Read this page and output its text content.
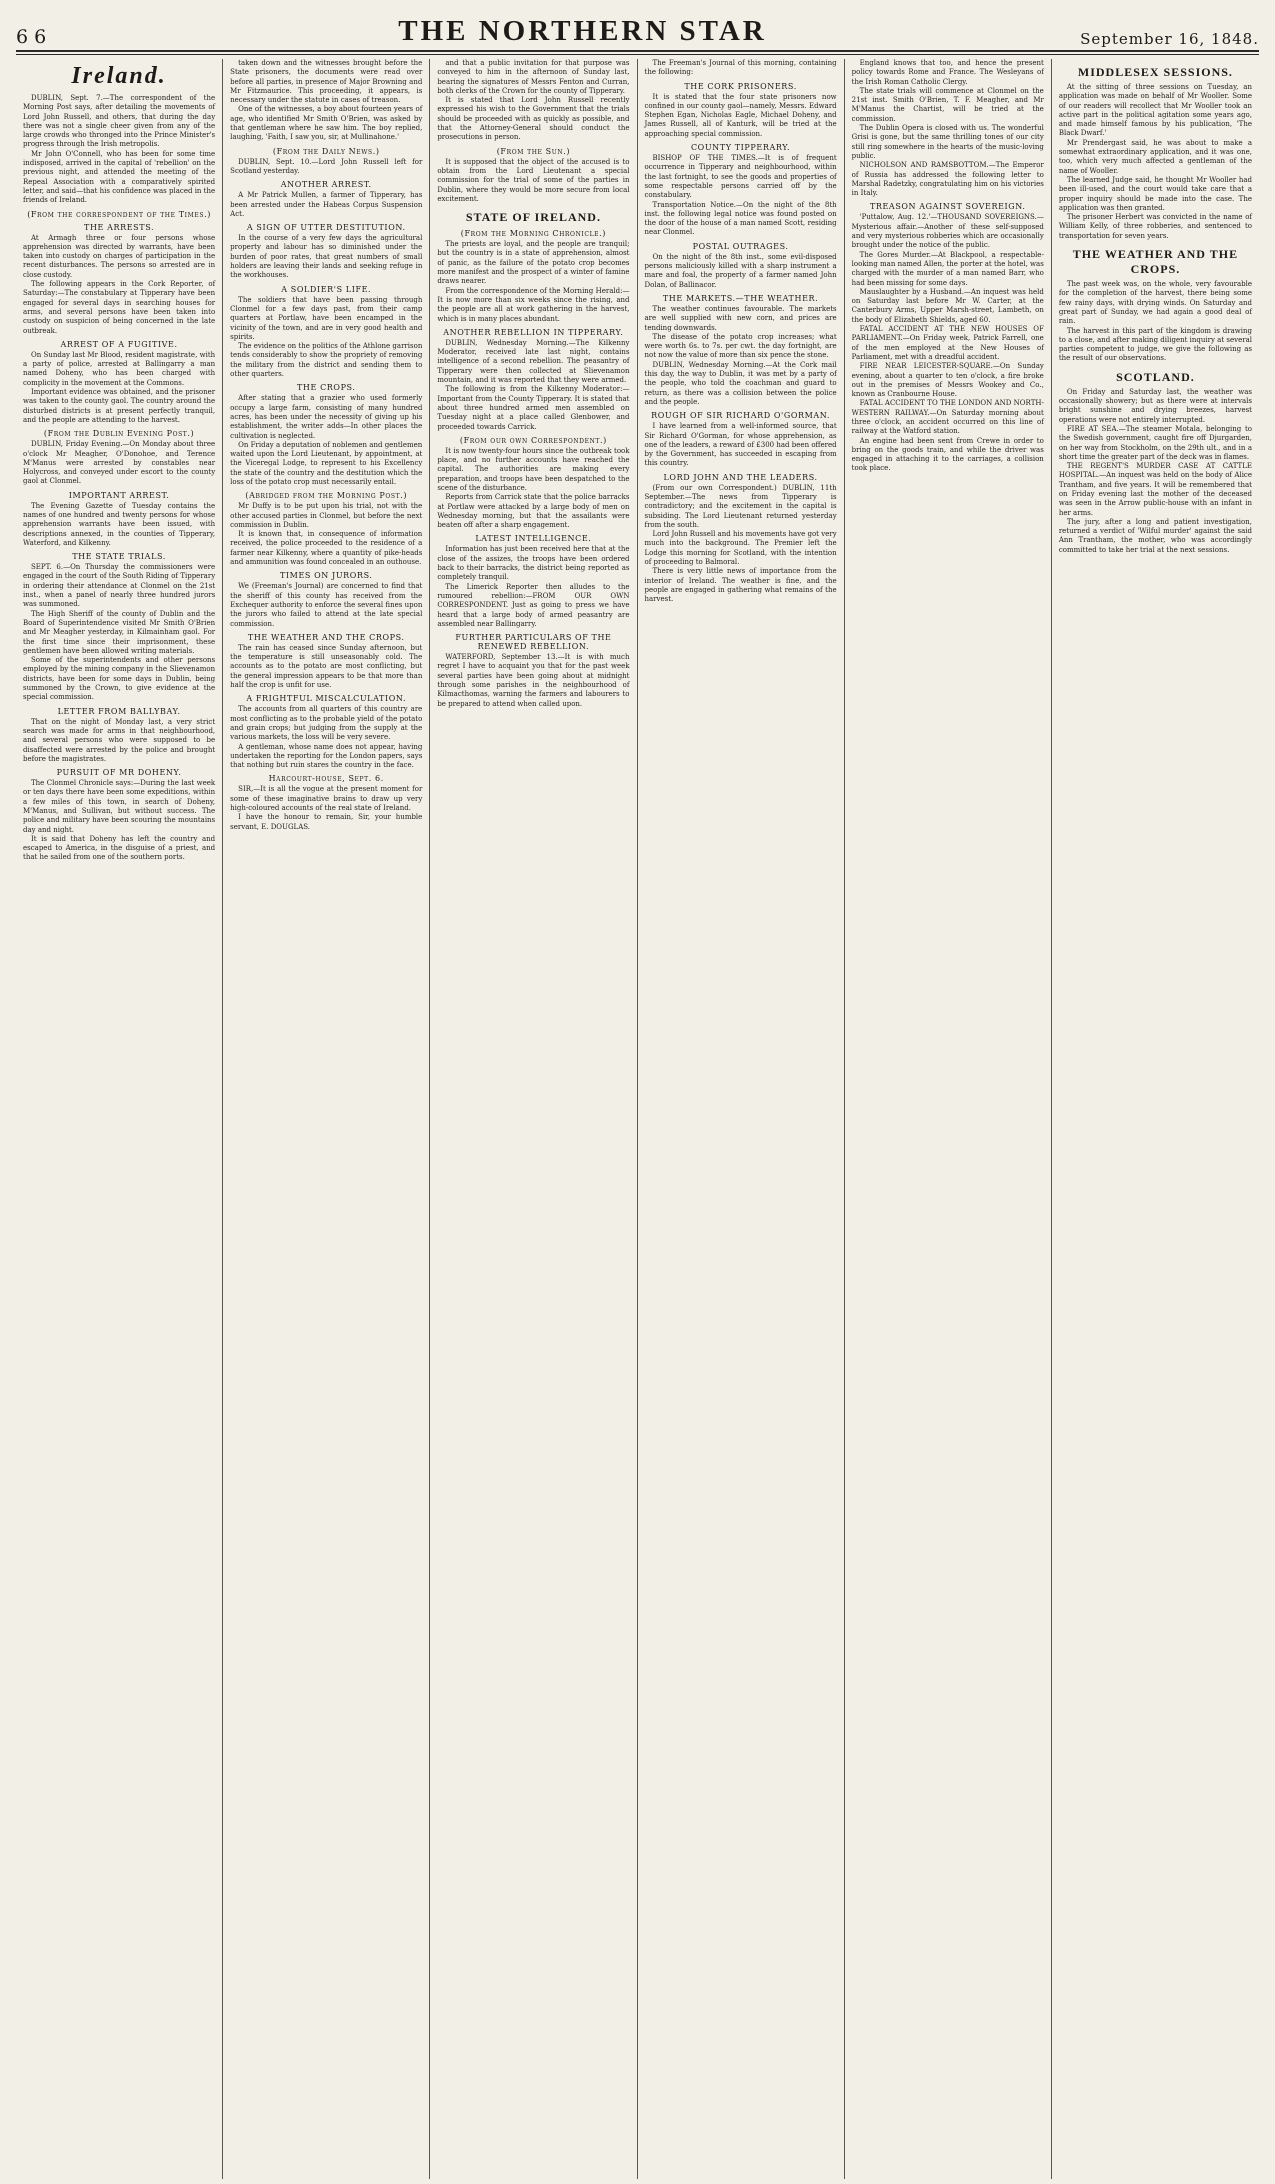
6 6	THE NORTHERN STAR	September 16, 1848.
Ireland.

DUBLIN, Sept. 7.—The correspondent of the Morning Post says, after detailing the movements of Lord John Russell, and others, that during the day there was not a single cheer given from any of the large crowds who thronged into the Prince Minister's progress through the Irish metropolis.

Mr John O'Connell, who has been for some time indisposed, arrived in the capital of 'rebellion' on the previous night, and attended the meeting of the Repeal Association with a comparatively spirited letter, and said—that his confidence was placed in the friends of Ireland.

(From the correspondent of the Times.)
THE ARRESTS.

At Armagh three or four persons whose apprehension was directed by warrants, have been taken into custody on charges of participation in the recent disturbances. The persons so arrested are in close custody.

The following appears in the Cork Reporter, of Saturday:—The constabulary at Tipperary have been engaged for several days in searching houses for arms, and several persons have been taken into custody on suspicion of being concerned in the late outbreak.

ARREST OF A FUGITIVE.

On Sunday last Mr Blood, resident magistrate, with a party of police, arrested at Ballingarry a man named Doheny, who has been charged with complicity in the movement at the Commons.

Important evidence was obtained, and the prisoner was taken to the county gaol. The country around the disturbed districts is at present perfectly tranquil, and the people are attending to the harvest.

(From the Dublin Evening Post.)

DUBLIN, Friday Evening.—On Monday about three o'clock Mr Meagher, O'Donohoe, and Terence M'Manus were arrested by constables near Holycross, and conveyed under escort to the county gaol at Clonmel.

IMPORTANT ARREST.

The Evening Gazette of Tuesday contains the names of one hundred and twenty persons for whose apprehension warrants have been issued, with descriptions annexed, in the counties of Tipperary, Waterford, and Kilkenny.

THE STATE TRIALS.

SEPT. 6.—On Thursday the commissioners were engaged in the court of the South Riding of Tipperary in ordering their attendance at Clonmel on the 21st inst., when a panel of nearly three hundred jurors was summoned.

The High Sheriff of the county of Dublin and the Board of Superintendence visited Mr Smith O'Brien and Mr Meagher yesterday, in Kilmainham gaol. For the first time since their imprisonment, these gentlemen have been allowed writing materials.

Some of the superintendents and other persons employed by the mining company in the Slievenamon districts, have been for some days in Dublin, being summoned by the Crown, to give evidence at the special commission.

LETTER FROM BALLYBAY.

That on the night of Monday last, a very strict search was made for arms in that neighbourhood, and several persons who were supposed to be disaffected were arrested by the police and brought before the magistrates.

PURSUIT OF MR DOHENY.

The Clonmel Chronicle says:—During the last week or ten days there have been some expeditions, within a few miles of this town, in search of Doheny, M'Manus, and Sullivan, but without success. The police and military have been scouring the mountains day and night.

It is said that Doheny has left the country and escaped to America, in the disguise of a priest, and that he sailed from one of the southern ports.

taken down and the witnesses brought before the State prisoners, the documents were read over before all parties, in presence of Major Browning and Mr Fitzmaurice. This proceeding, it appears, is necessary under the statute in cases of treason.

One of the witnesses, a boy about fourteen years of age, who identified Mr Smith O'Brien, was asked by that gentleman where he saw him. The boy replied, laughing, 'Faith, I saw you, sir, at Mullinahone.'

(From the Daily News.)

DUBLIN, Sept. 10.—Lord John Russell left for Scotland yesterday.

ANOTHER ARREST.

A Mr Patrick Mullen, a farmer of Tipperary, has been arrested under the Habeas Corpus Suspension Act.

A SIGN OF UTTER DESTITUTION.

In the course of a very few days the agricultural property and labour has so diminished under the burden of poor rates, that great numbers of small holders are leaving their lands and seeking refuge in the workhouses.

A SOLDIER'S LIFE.

The soldiers that have been passing through Clonmel for a few days past, from their camp quarters at Portlaw, have been encamped in the vicinity of the town, and are in very good health and spirits.

The evidence on the politics of the Athlone garrison tends considerably to show the propriety of removing the military from the district and sending them to other quarters.

THE CROPS.

After stating that a grazier who used formerly occupy a large farm, consisting of many hundred acres, has been under the necessity of giving up his establishment, the writer adds—In other places the cultivation is neglected.

On Friday a deputation of noblemen and gentlemen waited upon the Lord Lieutenant, by appointment, at the Viceregal Lodge, to represent to his Excellency the state of the country and the destitution which the loss of the potato crop must necessarily entail.

(Abridged from the Morning Post.)

Mr Duffy is to be put upon his trial, not with the other accused parties in Clonmel, but before the next commission in Dublin.

It is known that, in consequence of information received, the police proceeded to the residence of a farmer near Kilkenny, where a quantity of pike-heads and ammunition was found concealed in an outhouse.

TIMES ON JURORS.

We (Freeman's Journal) are concerned to find that the sheriff of this county has received from the Exchequer authority to enforce the several fines upon the jurors who failed to attend at the late special commission.

THE WEATHER AND THE CROPS.

The rain has ceased since Sunday afternoon, but the temperature is still unseasonably cold. The accounts as to the potato are most conflicting, but the general impression appears to be that more than half the crop is unfit for use.

A FRIGHTFUL MISCALCULATION.

The accounts from all quarters of this country are most conflicting as to the probable yield of the potato and grain crops; but judging from the supply at the various markets, the loss will be very severe.

A gentleman, whose name does not appear, having undertaken the reporting for the London papers, says that nothing but ruin stares the country in the face.

Harcourt-house, Sept. 6.

SIR,—It is all the vogue at the present moment for some of these imaginative brains to draw up very high-coloured accounts of the real state of Ireland.

I have the honour to remain, Sir, your humble servant, E. DOUGLAS.

and that a public invitation for that purpose was conveyed to him in the afternoon of Sunday last, bearing the signatures of Messrs Fenton and Curran, both clerks of the Crown for the county of Tipperary.

It is stated that Lord John Russell recently expressed his wish to the Government that the trials should be proceeded with as quickly as possible, and that the Attorney-General should conduct the prosecutions in person.

(From the Sun.)

It is supposed that the object of the accused is to obtain from the Lord Lieutenant a special commission for the trial of some of the parties in Dublin, where they would be more secure from local excitement.

STATE OF IRELAND.
(From the Morning Chronicle.)

The priests are loyal, and the people are tranquil; but the country is in a state of apprehension, almost of panic, as the failure of the potato crop becomes more manifest and the prospect of a winter of famine draws nearer.

From the correspondence of the Morning Herald:—It is now more than six weeks since the rising, and the people are all at work gathering in the harvest, which is in many places abundant.

ANOTHER REBELLION IN TIPPERARY.

DUBLIN, Wednesday Morning.—The Kilkenny Moderator, received late last night, contains intelligence of a second rebellion. The peasantry of Tipperary were then collected at Slievenamon mountain, and it was reported that they were armed.

The following is from the Kilkenny Moderator:—Important from the County Tipperary. It is stated that about three hundred armed men assembled on Tuesday night at a place called Glenbower, and proceeded towards Carrick.

(From our own Correspondent.)

It is now twenty-four hours since the outbreak took place, and no further accounts have reached the capital. The authorities are making every preparation, and troops have been despatched to the scene of the disturbance.

Reports from Carrick state that the police barracks at Portlaw were attacked by a large body of men on Wednesday morning, but that the assailants were beaten off after a sharp engagement.

LATEST INTELLIGENCE.

Information has just been received here that at the close of the assizes, the troops have been ordered back to their barracks, the district being reported as completely tranquil.

The Limerick Reporter then alludes to the rumoured rebellion:—FROM OUR OWN CORRESPONDENT. Just as going to press we have heard that a large body of armed peasantry are assembled near Ballingarry.

FURTHER PARTICULARS OF THE RENEWED REBELLION.

WATERFORD, September 13.—It is with much regret I have to acquaint you that for the past week several parties have been going about at midnight through some parishes in the neighbourhood of Kilmacthomas, warning the farmers and labourers to be prepared to attend when called upon.

The Freeman's Journal of this morning, containing the following:

THE CORK PRISONERS.

It is stated that the four state prisoners now confined in our county gaol—namely, Messrs. Edward Stephen Egan, Nicholas Eagle, Michael Doheny, and James Russell, all of Kanturk, will be tried at the approaching special commission.

COUNTY TIPPERARY.

BISHOP OF THE TIMES.—It is of frequent occurrence in Tipperary and neighbourhood, within the last fortnight, to see the goods and properties of some respectable persons carried off by the constabulary.

Transportation Notice.—On the night of the 8th inst. the following legal notice was found posted on the door of the house of a man named Scott, residing near Clonmel.

POSTAL OUTRAGES.

On the night of the 8th inst., some evil-disposed persons maliciously killed with a sharp instrument a mare and foal, the property of a farmer named John Dolan, of Ballinacor.

THE MARKETS.—THE WEATHER.

The weather continues favourable. The markets are well supplied with new corn, and prices are tending downwards.

The disease of the potato crop increases; what were worth 6s. to 7s. per cwt. the day fortnight, are not now the value of more than six pence the stone.

DUBLIN, Wednesday Morning.—At the Cork mail this day, the way to Dublin, it was met by a party of the people, who told the coachman and guard to return, as there was a collision between the police and the people.

ROUGH OF SIR RICHARD O'GORMAN.

I have learned from a well-informed source, that Sir Richard O'Gorman, for whose apprehension, as one of the leaders, a reward of £300 had been offered by the Government, has succeeded in escaping from this country.

LORD JOHN AND THE LEADERS.

(From our own Correspondent.) DUBLIN, 11th September.—The news from Tipperary is contradictory; and the excitement in the capital is subsiding. The Lord Lieutenant returned yesterday from the south.

Lord John Russell and his movements have got very much into the background. The Premier left the Lodge this morning for Scotland, with the intention of proceeding to Balmoral.

There is very little news of importance from the interior of Ireland. The weather is fine, and the people are engaged in gathering what remains of the harvest.

England knows that too, and hence the present policy towards Rome and France. The Wesleyans of the Irish Roman Catholic Clergy.

The state trials will commence at Clonmel on the 21st inst. Smith O'Brien, T. F. Meagher, and Mr M'Manus the Chartist, will be tried at the commission.

The Dublin Opera is closed with us. The wonderful Grisi is gone, but the same thrilling tones of our city still ring somewhere in the hearts of the music-loving public.

NICHOLSON AND RAMSBOTTOM.—The Emperor of Russia has addressed the following letter to Marshal Radetzky, congratulating him on his victories in Italy.

TREASON AGAINST SOVEREIGN.

'Puttalow, Aug. 12.'—THOUSAND SOVEREIGNS.—Mysterious affair.—Another of these self-supposed and very mysterious robberies which are occasionally brought under the notice of the public.

The Gores Murder.—At Blackpool, a respectable-looking man named Allen, the porter at the hotel, was charged with the murder of a man named Barr, who had been missing for some days.

Mauslaughter by a Husband.—An inquest was held on Saturday last before Mr W. Carter, at the Canterbury Arms, Upper Marsh-street, Lambeth, on the body of Elizabeth Shields, aged 60.

FATAL ACCIDENT AT THE NEW HOUSES OF PARLIAMENT.—On Friday week, Patrick Farrell, one of the men employed at the New Houses of Parliament, met with a dreadful accident.

FIRE NEAR LEICESTER-SQUARE.—On Sunday evening, about a quarter to ten o'clock, a fire broke out in the premises of Messrs Wookey and Co., known as Cranbourne House.

FATAL ACCIDENT TO THE LONDON AND NORTH-WESTERN RAILWAY.—On Saturday morning about three o'clock, an accident occurred on this line of railway at the Watford station.

An engine had been sent from Crewe in order to bring on the goods train, and while the driver was engaged in attaching it to the carriages, a collision took place.

MIDDLESEX SESSIONS.

At the sitting of three sessions on Tuesday, an application was made on behalf of Mr Wooller. Some of our readers will recollect that Mr Wooller took an active part in the political agitation some years ago, and made himself famous by his publication, 'The Black Dwarf.'

Mr Prendergast said, he was about to make a somewhat extraordinary application, and it was one, too, which very much affected a gentleman of the name of Wooller.

The learned Judge said, he thought Mr Wooller had been ill-used, and the court would take care that a proper inquiry should be made into the case. The application was then granted.

The prisoner Herbert was convicted in the name of William Kelly, of three robberies, and sentenced to transportation for seven years.

THE WEATHER AND THE CROPS.

The past week was, on the whole, very favourable for the completion of the harvest, there being some few rainy days, with drying winds. On Saturday and great part of Sunday, we had again a good deal of rain.

The harvest in this part of the kingdom is drawing to a close, and after making diligent inquiry at several parties competent to judge, we give the following as the result of our observations.

SCOTLAND.

On Friday and Saturday last, the weather was occasionally showery; but as there were at intervals bright sunshine and drying breezes, harvest operations were not entirely interrupted.

FIRE AT SEA.—The steamer Motala, belonging to the Swedish government, caught fire off Djurgarden, on her way from Stockholm, on the 29th ult., and in a short time the greater part of the deck was in flames.

THE REGENT'S MURDER CASE AT CATTLE HOSPITAL.—An inquest was held on the body of Alice Trantham, and five years. It will be remembered that on Friday evening last the mother of the deceased was seen in the Arrow public-house with an infant in her arms.

The jury, after a long and patient investigation, returned a verdict of 'Wilful murder' against the said Ann Trantham, the mother, who was accordingly committed to take her trial at the next sessions.
